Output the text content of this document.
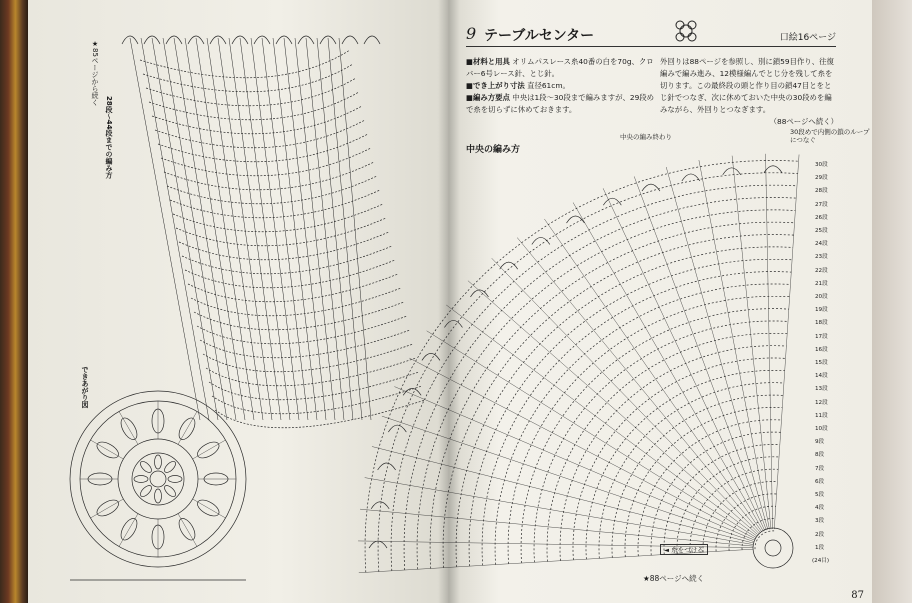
★85ページから続く
28段～44段までの編み方
できあがり図
9 テーブルセンター	口絵16ページ
■材料と用具 オリムパスレース糸40番の白を70g、クロバー6号レース針、とじ針。
■でき上がり寸法 直径61cm。
■編み方要点 中央は1段～30段まで編みますが、29段めで糸を切らずに休めておきます。
外回りは88ページを参照し、別に鎖59目作り、往復編みで編み進み、12模様編んでとじ分を残して糸を切ります。この最終段の頭と作り目の鎖47目とをとじ針でつなぎ、次に休めておいた中央の30段めを編みながら、外回りとつなぎます。
（88ページへ続く）
中央の編み方
中央の編み終わり
30段めで内側の鎖のループにつなぐ
◄ 糸をつける
★88ページへ続く
30段
29段
28段
27段
26段
25段
24段
23段
22段
21段
20段
19段
18段
17段
16段
15段
14段
13段
12段
11段
10段
9段
8段
7段
6段
5段
4段
3段
2段
1段
(24目)
87
